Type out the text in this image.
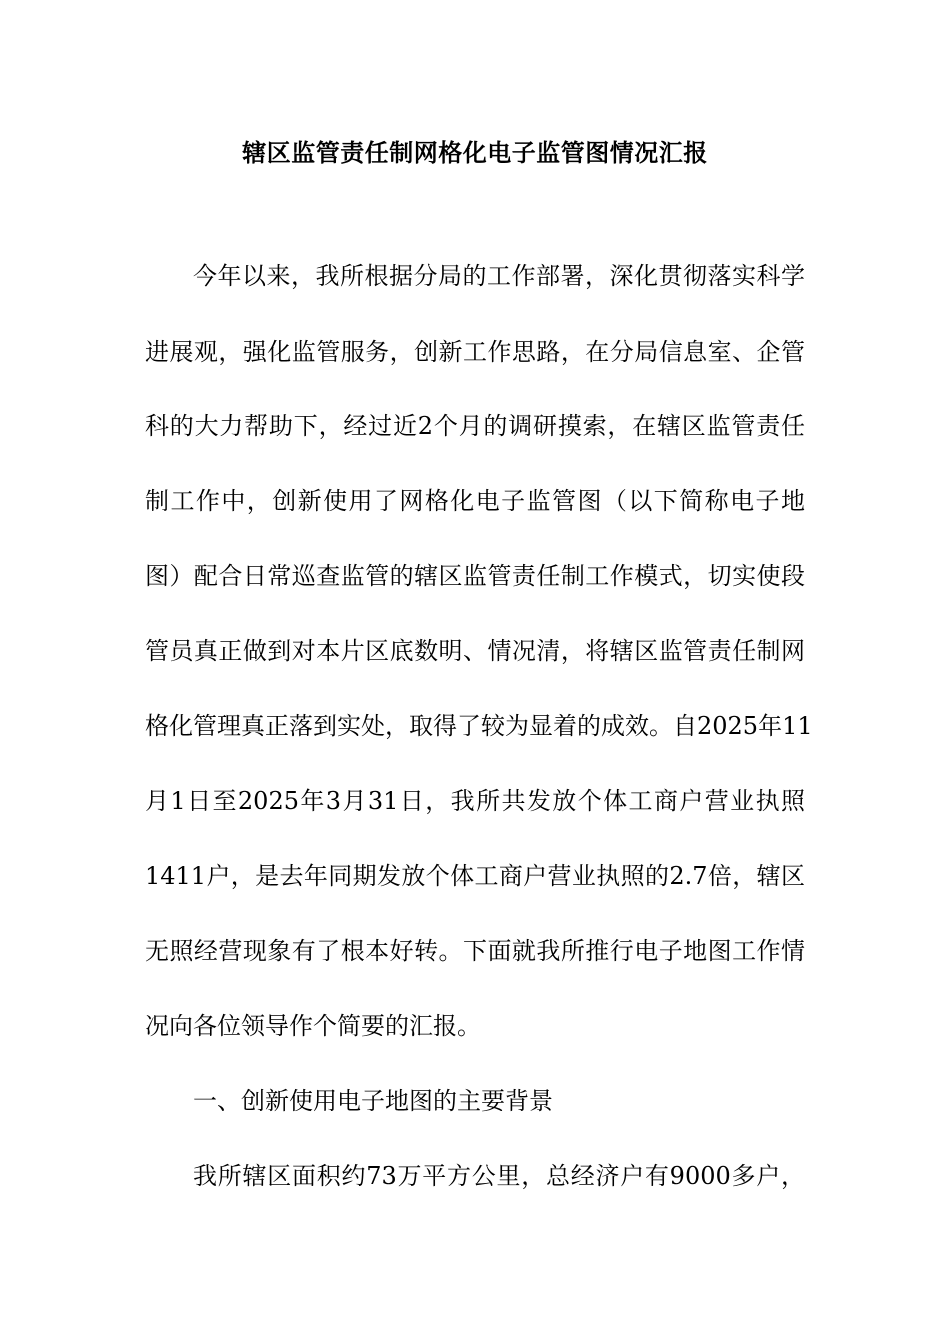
辖区监管责任制网格化电子监管图情况汇报
今年以来，我所根据分局的工作部署，深化贯彻落实科学
进展观，强化监管服务，创新工作思路，在分局信息室、企管
科的大力帮助下，经过近2个月的调研摸索，在辖区监管责任
制工作中，创新使用了网格化电子监管图（以下简称电子地
图）配合日常巡查监管的辖区监管责任制工作模式，切实使段
管员真正做到对本片区底数明、情况清，将辖区监管责任制网
格化管理真正落到实处，取得了较为显着的成效。自2025年11
月1日至2025年3月31日，我所共发放个体工商户营业执照
1411户，是去年同期发放个体工商户营业执照的2.7倍，辖区
无照经营现象有了根本好转。下面就我所推行电子地图工作情
况向各位领导作个简要的汇报。
一、创新使用电子地图的主要背景
我所辖区面积约73万平方公里，总经济户有9000多户，
